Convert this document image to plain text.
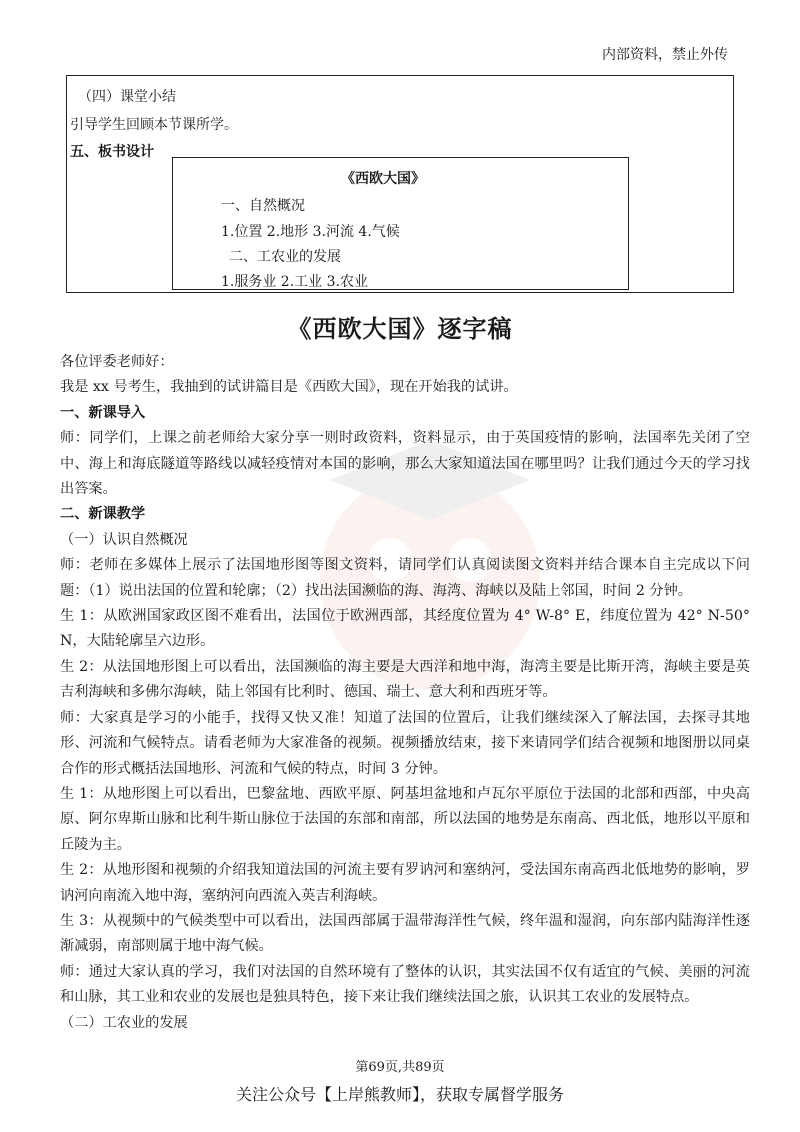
内部资料，禁止外传
（四）课堂小结
引导学生回顾本节课所学。
五、板书设计
《西欧大国》
一、自然概况
1.位置 2.地形 3.河流 4.气候
二、工农业的发展
1.服务业 2.工业 3.农业
《西欧大国》逐字稿

各位评委老师好：

我是 xx 号考生，我抽到的试讲篇目是《西欧大国》，现在开始我的试讲。

一、新课导入

师：同学们，上课之前老师给大家分享一则时政资料，资料显示，由于英国疫情的影响，法国率先关闭了空中、海上和海底隧道等路线以减轻疫情对本国的影响，那么大家知道法国在哪里吗？让我们通过今天的学习找出答案。

二、新课教学

（一）认识自然概况

师：老师在多媒体上展示了法国地形图等图文资料，请同学们认真阅读图文资料并结合课本自主完成以下问题：（1）说出法国的位置和轮廓；（2）找出法国濒临的海、海湾、海峡以及陆上邻国，时间 2 分钟。

生 1：从欧洲国家政区图不难看出，法国位于欧洲西部，其经度位置为 4° W-8° E，纬度位置为 42° N-50° N，大陆轮廓呈六边形。

生 2：从法国地形图上可以看出，法国濒临的海主要是大西洋和地中海，海湾主要是比斯开湾，海峡主要是英吉利海峡和多佛尔海峡，陆上邻国有比利时、德国、瑞士、意大利和西班牙等。

师：大家真是学习的小能手，找得又快又准！知道了法国的位置后，让我们继续深入了解法国，去探寻其地形、河流和气候特点。请看老师为大家准备的视频。视频播放结束，接下来请同学们结合视频和地图册以同桌合作的形式概括法国地形、河流和气候的特点，时间 3 分钟。

生 1：从地形图上可以看出，巴黎盆地、西欧平原、阿基坦盆地和卢瓦尔平原位于法国的北部和西部，中央高原、阿尔卑斯山脉和比利牛斯山脉位于法国的东部和南部，所以法国的地势是东南高、西北低，地形以平原和丘陵为主。

生 2：从地形图和视频的介绍我知道法国的河流主要有罗讷河和塞纳河，受法国东南高西北低地势的影响，罗讷河向南流入地中海，塞纳河向西流入英吉利海峡。

生 3：从视频中的气候类型中可以看出，法国西部属于温带海洋性气候，终年温和湿润，向东部内陆海洋性逐渐减弱，南部则属于地中海气候。

师：通过大家认真的学习，我们对法国的自然环境有了整体的认识，其实法国不仅有适宜的气候、美丽的河流和山脉，其工业和农业的发展也是独具特色，接下来让我们继续法国之旅，认识其工农业的发展特点。

（二）工农业的发展

第69页,共89页
关注公众号【上岸熊教师】，获取专属督学服务
